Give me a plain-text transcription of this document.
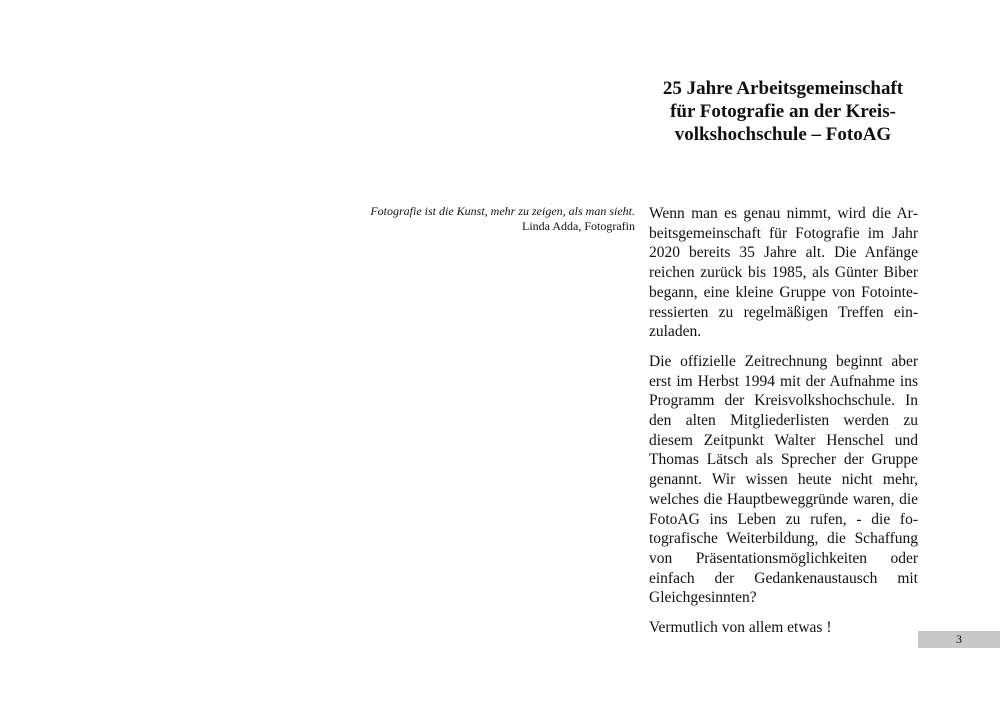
25 Jahre Arbeitsgemeinschaft
für Fotografie an der Kreis-
volkshochschule – FotoAG
Fotografie ist die Kunst, mehr zu zeigen, als man sieht.
Linda Adda, Fotografin

Wenn man es genau nimmt, wird die Arbeitsgemeinschaft für Fotografie im Jahr 2020 bereits 35 Jahre alt. Die Anfänge reichen zurück bis 1985, als Günter Biber begann, eine kleine Gruppe von Fotointeressierten zu regelmäßigen Treffen einzuladen.

Die offizielle Zeitrechnung beginnt aber erst im Herbst 1994 mit der Aufnahme ins Programm der Kreisvolkshochschule. In den alten Mitgliederlisten werden zu diesem Zeitpunkt Walter Henschel und Thomas Lätsch als Sprecher der Gruppe genannt. Wir wissen heute nicht mehr, welches die Hauptbeweggründe waren, die FotoAG ins Leben zu rufen, - die fotografische Weiterbildung, die Schaffung von Präsentationsmöglichkeiten oder einfach der Gedankenaustausch mit Gleichgesinnten?

Vermutlich von allem etwas !

3
